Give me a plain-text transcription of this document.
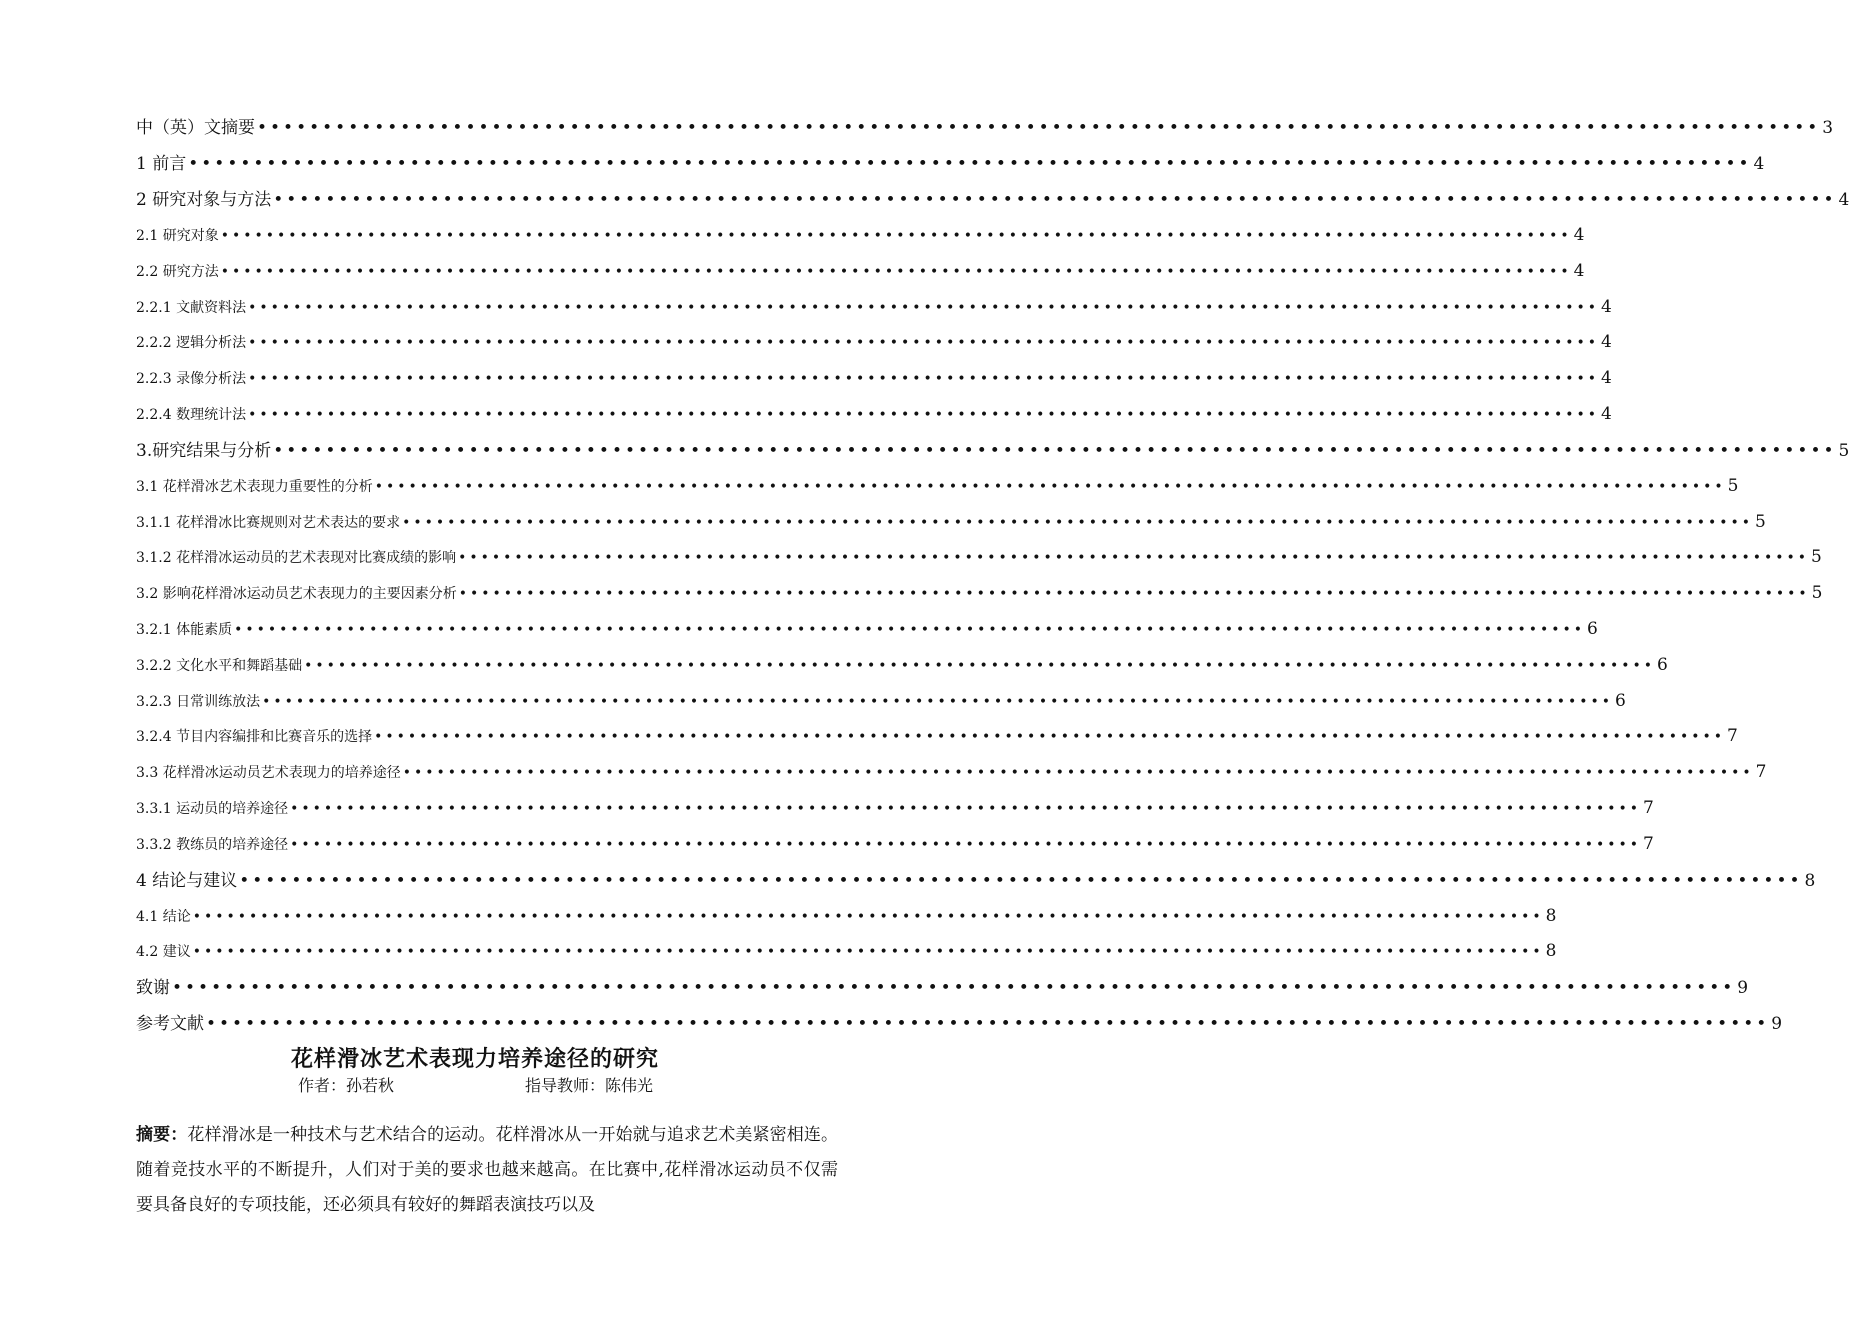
中（英）文摘要 •••••••••••••••••••••••••••••••••••••••••••••••••••••••••••••••••••••••••••••••••••••••••••••••••••••••••••••••••••••••• 3
1 前言 •••••••••••••••••••••••••••••••••••••••••••••••••••••••••••••••••••••••••••••••••••••••••••••••••••••••••••••••••••••••• 4
2 研究对象与方法 •••••••••••••••••••••••••••••••••••••••••••••••••••••••••••••••••••••••••••••••••••••••••••••••••••••••••••••••••••••••• 4
2.1 研究对象 •••••••••••••••••••••••••••••••••••••••••••••••••••••••••••••••••••••••••••••••••••••••••••••••••••••••••••••••••••••••• 4
2.2 研究方法 •••••••••••••••••••••••••••••••••••••••••••••••••••••••••••••••••••••••••••••••••••••••••••••••••••••••••••••••••••••••• 4
2.2.1 文献资料法 •••••••••••••••••••••••••••••••••••••••••••••••••••••••••••••••••••••••••••••••••••••••••••••••••••••••••••••••••••••••• 4
2.2.2 逻辑分析法 •••••••••••••••••••••••••••••••••••••••••••••••••••••••••••••••••••••••••••••••••••••••••••••••••••••••••••••••••••••••• 4
2.2.3 录像分析法 •••••••••••••••••••••••••••••••••••••••••••••••••••••••••••••••••••••••••••••••••••••••••••••••••••••••••••••••••••••••• 4
2.2.4 数理统计法 •••••••••••••••••••••••••••••••••••••••••••••••••••••••••••••••••••••••••••••••••••••••••••••••••••••••••••••••••••••••• 4
3.研究结果与分析 •••••••••••••••••••••••••••••••••••••••••••••••••••••••••••••••••••••••••••••••••••••••••••••••••••••••••••••••••••••••• 5
3.1 花样滑冰艺术表现力重要性的分析 •••••••••••••••••••••••••••••••••••••••••••••••••••••••••••••••••••••••••••••••••••••••••••••••••••••••••••••••••••••••• 5
3.1.1 花样滑冰比赛规则对艺术表达的要求 •••••••••••••••••••••••••••••••••••••••••••••••••••••••••••••••••••••••••••••••••••••••••••••••••••••••••••••••••••••••• 5
3.1.2 花样滑冰运动员的艺术表现对比赛成绩的影响 •••••••••••••••••••••••••••••••••••••••••••••••••••••••••••••••••••••••••••••••••••••••••••••••••••••••••••••••••••••••• 5
3.2 影响花样滑冰运动员艺术表现力的主要因素分析 •••••••••••••••••••••••••••••••••••••••••••••••••••••••••••••••••••••••••••••••••••••••••••••••••••••••••••••••••••••••• 5
3.2.1 体能素质 •••••••••••••••••••••••••••••••••••••••••••••••••••••••••••••••••••••••••••••••••••••••••••••••••••••••••••••••••••••••• 6
3.2.2 文化水平和舞蹈基础 •••••••••••••••••••••••••••••••••••••••••••••••••••••••••••••••••••••••••••••••••••••••••••••••••••••••••••••••••••••••• 6
3.2.3 日常训练放法 •••••••••••••••••••••••••••••••••••••••••••••••••••••••••••••••••••••••••••••••••••••••••••••••••••••••••••••••••••••••• 6
3.2.4 节目内容编排和比赛音乐的选择 •••••••••••••••••••••••••••••••••••••••••••••••••••••••••••••••••••••••••••••••••••••••••••••••••••••••••••••••••••••••• 7
3.3 花样滑冰运动员艺术表现力的培养途径 •••••••••••••••••••••••••••••••••••••••••••••••••••••••••••••••••••••••••••••••••••••••••••••••••••••••••••••••••••••••• 7
3.3.1 运动员的培养途径 •••••••••••••••••••••••••••••••••••••••••••••••••••••••••••••••••••••••••••••••••••••••••••••••••••••••••••••••••••••••• 7
3.3.2 教练员的培养途径 •••••••••••••••••••••••••••••••••••••••••••••••••••••••••••••••••••••••••••••••••••••••••••••••••••••••••••••••••••••••• 7
4 结论与建议 •••••••••••••••••••••••••••••••••••••••••••••••••••••••••••••••••••••••••••••••••••••••••••••••••••••••••••••••••••••••• 8
4.1 结论 •••••••••••••••••••••••••••••••••••••••••••••••••••••••••••••••••••••••••••••••••••••••••••••••••••••••••••••••••••••••• 8
4.2 建议 •••••••••••••••••••••••••••••••••••••••••••••••••••••••••••••••••••••••••••••••••••••••••••••••••••••••••••••••••••••••• 8
致谢 •••••••••••••••••••••••••••••••••••••••••••••••••••••••••••••••••••••••••••••••••••••••••••••••••••••••••••••••••••••••• 9
参考文献 •••••••••••••••••••••••••••••••••••••••••••••••••••••••••••••••••••••••••••••••••••••••••••••••••••••••••••••••••••••••• 9
花样滑冰艺术表现力培养途径的研究
作者：孙若秋	指导教师：陈伟光
摘要：花样滑冰是一种技术与艺术结合的运动。花样滑冰从一开始就与追求艺术美紧密相连。随着竞技水平的不断提升，人们对于美的要求也越来越高。在比赛中,花样滑冰运动员不仅需要具备良好的专项技能，还必须具有较好的舞蹈表演技巧以及
